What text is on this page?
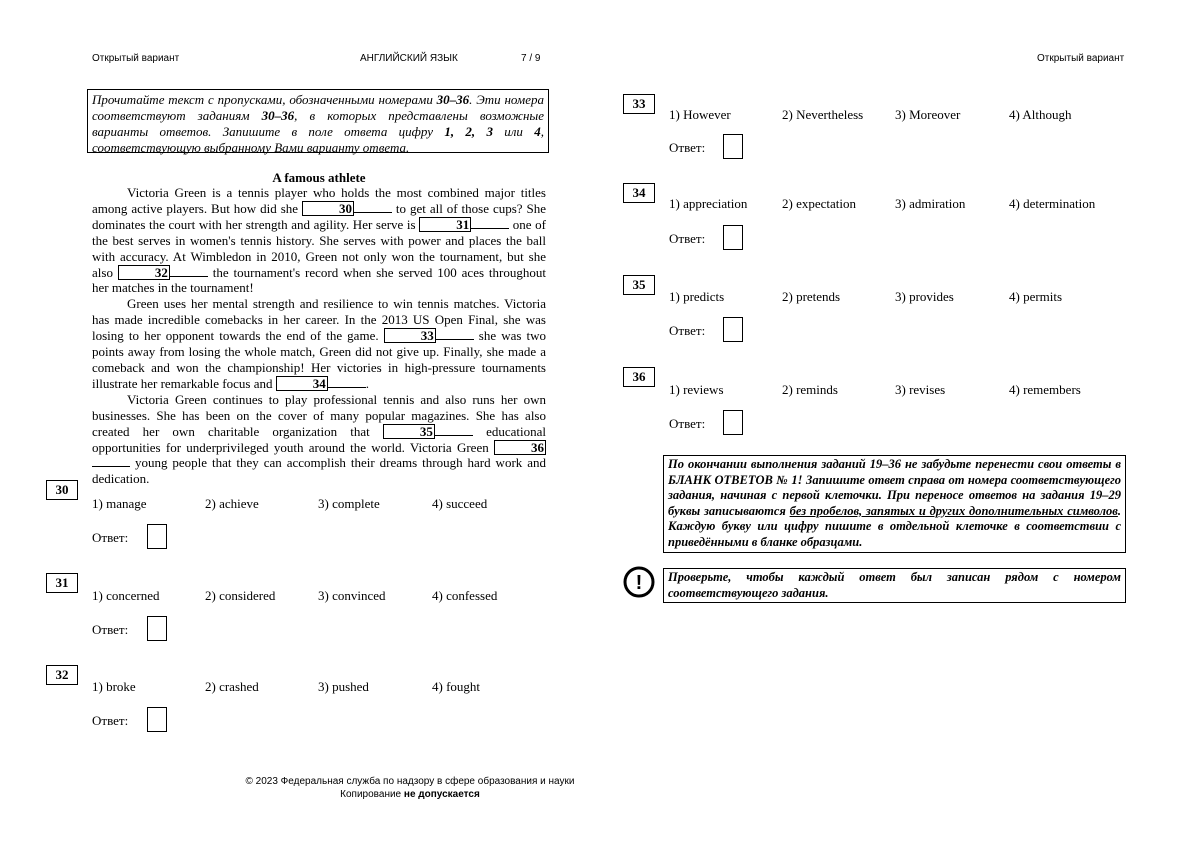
Открытый вариант	АНГЛИЙСКИЙ ЯЗЫК	7 / 9	Открытый вариант
Прочитайте текст с пропусками, обозначенными номерами 30–36. Эти номера соответствуют заданиям 30–36, в которых представлены возможные варианты ответов. Запишите в поле ответа цифру 1, 2, 3 или 4, соответствующую выбранному Вами варианту ответа.
A famous athlete

Victoria Green is a tennis player who holds the most combined major titles among active players. But how did she	30	to get all of those cups? She dominates the court with her strength and agility. Her serve is	31	one of the best serves in women's tennis history. She serves with power and places the ball with accuracy. At Wimbledon in 2010, Green not only won the tournament, but she also	32	the tournament's record when she served 100 aces throughout her matches in the tournament!

Green uses her mental strength and resilience to win tennis matches. Victoria has made incredible comebacks in her career. In the 2013 US Open Final, she was losing to her opponent towards the end of the game.	33	she was two points away from losing the whole match, Green did not give up. Finally, she made a comeback and won the championship! Her victories in high-pressure tournaments illustrate her remarkable focus and	34	.

Victoria Green continues to play professional tennis and also runs her own businesses. She has been on the cover of many popular magazines. She has also created her own charitable organization that	35	educational opportunities for underprivileged youth around the world. Victoria Green	36 young people that they can accomplish their dreams through hard work and dedication.

30
1) manage	2) achieve	3) complete	4) succeed
Ответ:
31
1) concerned	2) considered	3) convinced	4) confessed
Ответ:
32
1) broke	2) crashed	3) pushed	4) fought
Ответ:
33
1) However	2) Nevertheless 3) Moreover	4) Although
Ответ:
34
1) appreciation	2) expectation	3) admiration	4) determination
Ответ:
35
1) predicts	2) pretends	3) provides	4) permits
Ответ:
36
1) reviews	2) reminds	3) revises	4) remembers
Ответ:
По окончании выполнения заданий 19–36 не забудьте перенести свои ответы в БЛАНК ОТВЕТОВ № 1! Запишите ответ справа от номера соответствующего задания, начиная с первой клеточки. При переносе ответов на задания 19–29 буквы записываются без пробелов, запятых и других дополнительных символов. Каждую букву или цифру пишите в отдельной клеточке в соответствии с приведёнными в бланке образцами.
!	Проверьте, чтобы каждый ответ был записан рядом с номером соответствующего задания.
© 2023 Федеральная служба по надзору в сфере образования и науки
Копирование не допускается
